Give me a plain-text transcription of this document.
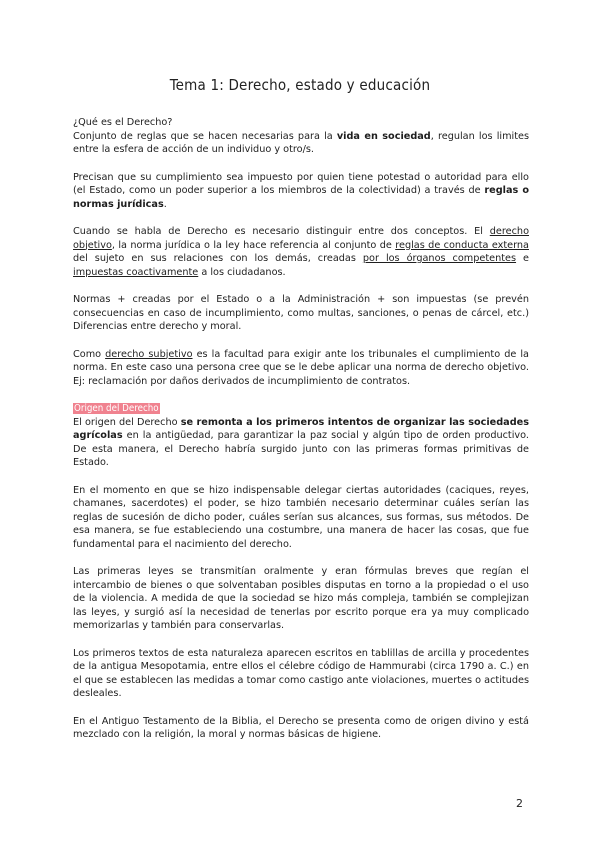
Tema 1: Derecho, estado y educación

¿Qué es el Derecho?

Conjunto de reglas que se hacen necesarias para la vida en sociedad, regulan los limites entre la esfera de acción de un individuo y otro/s.

Precisan que su cumplimiento sea impuesto por quien tiene potestad o autoridad para ello (el Estado, como un poder superior a los miembros de la colectividad) a través de reglas o normas jurídicas.

Cuando se habla de Derecho es necesario distinguir entre dos conceptos. El derecho objetivo, la norma jurídica o la ley hace referencia al conjunto de reglas de conducta externa del sujeto en sus relaciones con los demás, creadas por los órganos competentes e impuestas coactivamente a los ciudadanos.

Normas + creadas por el Estado o a la Administración + son impuestas (se prevén consecuencias en caso de incumplimiento, como multas, sanciones, o penas de cárcel, etc.) Diferencias entre derecho y moral.

Como derecho subjetivo es la facultad para exigir ante los tribunales el cumplimiento de la norma. En este caso una persona cree que se le debe aplicar una norma de derecho objetivo. Ej: reclamación por daños derivados de incumplimiento de contratos.

Origen del Derecho

El origen del Derecho se remonta a los primeros intentos de organizar las sociedades agrícolas en la antigüedad, para garantizar la paz social y algún tipo de orden productivo. De esta manera, el Derecho habría surgido junto con las primeras formas primitivas de Estado.

En el momento en que se hizo indispensable delegar ciertas autoridades (caciques, reyes, chamanes, sacerdotes) el poder, se hizo también necesario determinar cuáles serían las reglas de sucesión de dicho poder, cuáles serían sus alcances, sus formas, sus métodos. De esa manera, se fue estableciendo una costumbre, una manera de hacer las cosas, que fue fundamental para el nacimiento del derecho.

Las primeras leyes se transmitían oralmente y eran fórmulas breves que regían el intercambio de bienes o que solventaban posibles disputas en torno a la propiedad o el uso de la violencia. A medida de que la sociedad se hizo más compleja, también se complejizan las leyes, y surgió así la necesidad de tenerlas por escrito porque era ya muy complicado memorizarlas y también para conservarlas.

Los primeros textos de esta naturaleza aparecen escritos en tablillas de arcilla y procedentes de la antigua Mesopotamia, entre ellos el célebre código de Hammurabi (circa 1790 a. C.) en el que se establecen las medidas a tomar como castigo ante violaciones, muertes o actitudes desleales.

En el Antiguo Testamento de la Biblia, el Derecho se presenta como de origen divino y está mezclado con la religión, la moral y normas básicas de higiene.

2
